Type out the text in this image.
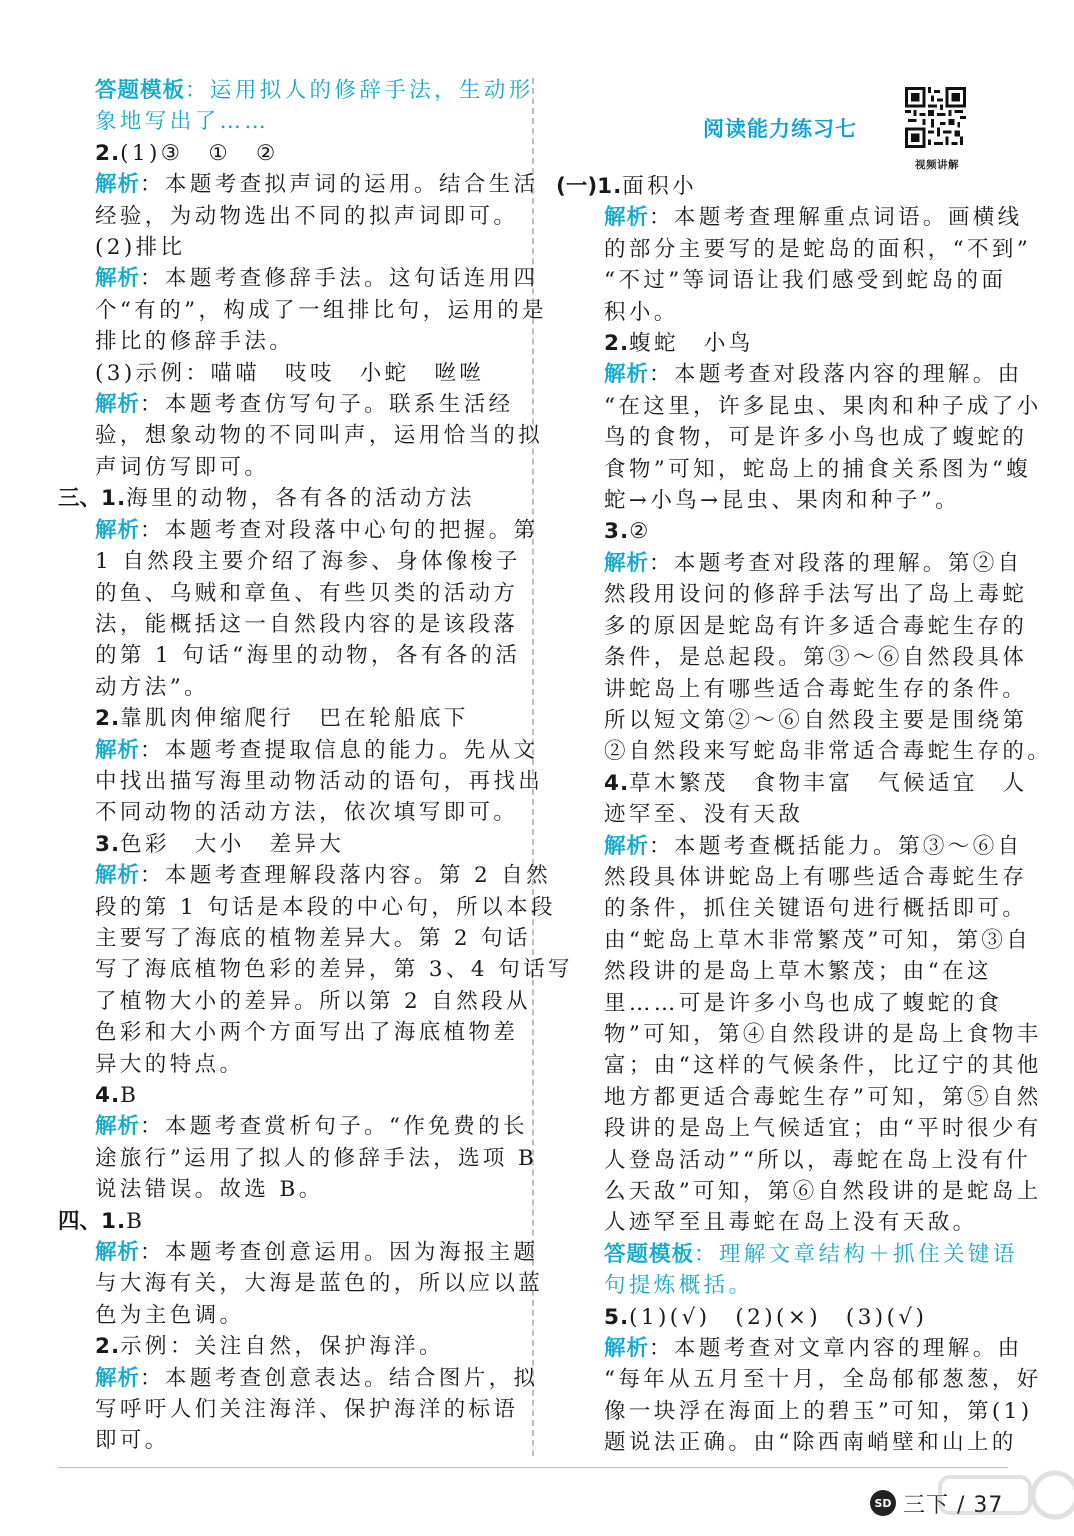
阅读能力练习七
视频讲解
答题模板：运用拟人的修辞手法，生动形
象地写出了……
2.(1)③　①　②
解析：本题考查拟声词的运用。结合生活
经验，为动物选出不同的拟声词即可。
(2)排比
解析：本题考查修辞手法。这句话连用四
个“有的”，构成了一组排比句，运用的是
排比的修辞手法。
(3)示例：喵喵　吱吱　小蛇　咝咝
解析：本题考查仿写句子。联系生活经
验，想象动物的不同叫声，运用恰当的拟
声词仿写即可。
三、1.海里的动物，各有各的活动方法
解析：本题考查对段落中心句的把握。第
1 自然段主要介绍了海参、身体像梭子
的鱼、乌贼和章鱼、有些贝类的活动方
法，能概括这一自然段内容的是该段落
的第 1 句话“海里的动物，各有各的活
动方法”。
2.靠肌肉伸缩爬行　巴在轮船底下
解析：本题考查提取信息的能力。先从文
中找出描写海里动物活动的语句，再找出
不同动物的活动方法，依次填写即可。
3.色彩　大小　差异大
解析：本题考查理解段落内容。第 2 自然
段的第 1 句话是本段的中心句，所以本段
主要写了海底的植物差异大。第 2 句话
写了海底植物色彩的差异，第 3、4 句话写
了植物大小的差异。所以第 2 自然段从
色彩和大小两个方面写出了海底植物差
异大的特点。
4.B
解析：本题考查赏析句子。“作免费的长
途旅行”运用了拟人的修辞手法，选项 B
说法错误。故选 B。
四、1.B
解析：本题考查创意运用。因为海报主题
与大海有关，大海是蓝色的，所以应以蓝
色为主色调。
2.示例：关注自然，保护海洋。
解析：本题考查创意表达。结合图片，拟
写呼吁人们关注海洋、保护海洋的标语
即可。
(一)1.面积小
解析：本题考查理解重点词语。画横线
的部分主要写的是蛇岛的面积，“不到”
“不过”等词语让我们感受到蛇岛的面
积小。
2.蝮蛇　小鸟
解析：本题考查对段落内容的理解。由
“在这里，许多昆虫、果肉和种子成了小
鸟的食物，可是许多小鸟也成了蝮蛇的
食物”可知，蛇岛上的捕食关系图为“蝮
蛇→小鸟→昆虫、果肉和种子”。
3.②
解析：本题考查对段落的理解。第②自
然段用设问的修辞手法写出了岛上毒蛇
多的原因是蛇岛有许多适合毒蛇生存的
条件，是总起段。第③～⑥自然段具体
讲蛇岛上有哪些适合毒蛇生存的条件。
所以短文第②～⑥自然段主要是围绕第
②自然段来写蛇岛非常适合毒蛇生存的。
4.草木繁茂　食物丰富　气候适宜　人
迹罕至、没有天敌
解析：本题考查概括能力。第③～⑥自
然段具体讲蛇岛上有哪些适合毒蛇生存
的条件，抓住关键语句进行概括即可。
由“蛇岛上草木非常繁茂”可知，第③自
然段讲的是岛上草木繁茂；由“在这
里……可是许多小鸟也成了蝮蛇的食
物”可知，第④自然段讲的是岛上食物丰
富；由“这样的气候条件，比辽宁的其他
地方都更适合毒蛇生存”可知，第⑤自然
段讲的是岛上气候适宜；由“平时很少有
人登岛活动”“所以，毒蛇在岛上没有什
么天敌”可知，第⑥自然段讲的是蛇岛上
人迹罕至且毒蛇在岛上没有天敌。
答题模板：理解文章结构＋抓住关键语
句提炼概括。
5.(1)(√)　(2)(×)　(3)(√)
解析：本题考查对文章内容的理解。由
“每年从五月至十月，全岛郁郁葱葱，好
像一块浮在海面上的碧玉”可知，第(1)
题说法正确。由“除西南峭壁和山上的
SD 三下 / 37
